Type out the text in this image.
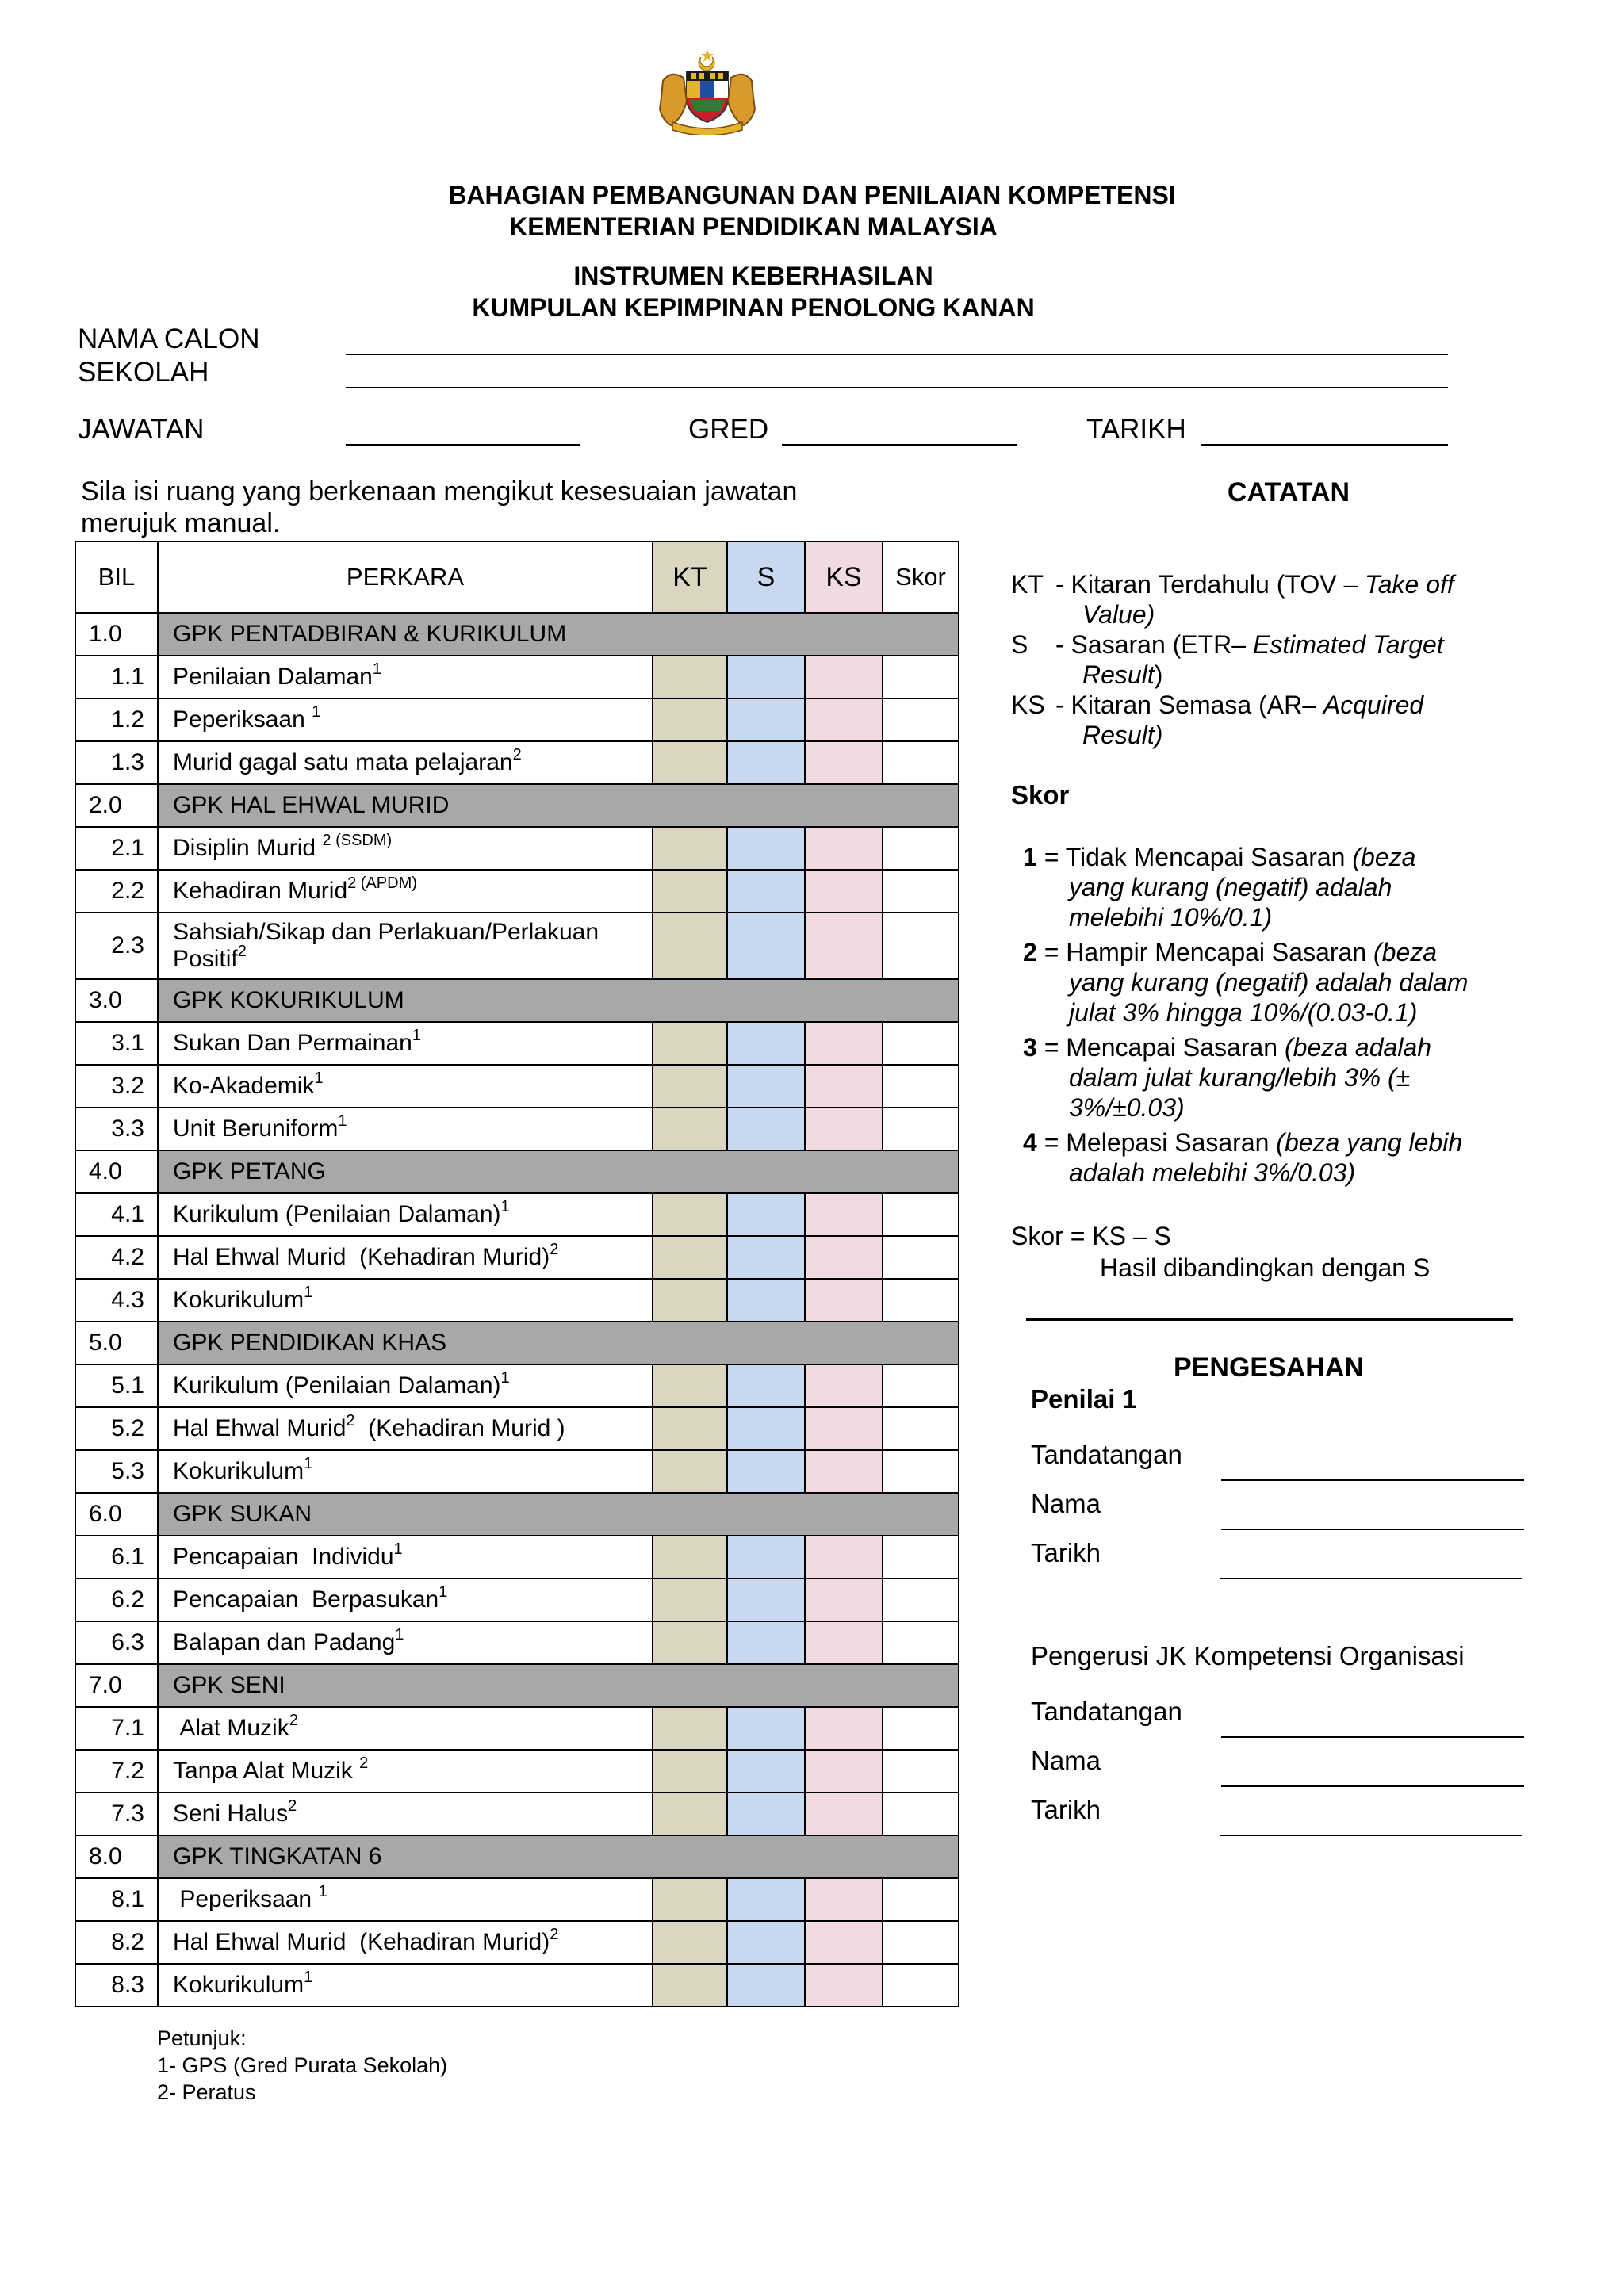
BAHAGIAN PEMBANGUNAN DAN PENILAIAN KOMPETENSI
KEMENTERIAN PENDIDIKAN MALAYSIA
INSTRUMEN KEBERHASILAN
KUMPULAN KEPIMPINAN PENOLONG KANAN
NAMA CALON
SEKOLAH
JAWATAN	GRED	TARIKH
Sila isi ruang yang berkenaan mengikut kesesuaian jawatan merujuk manual.
BIL	PERKARA	KT	S	KS	Skor
1.0	GPK PENTADBIRAN & KURIKULUM				
1.1	Penilaian Dalaman$^1$				
1.2	Peperiksaan $^1$				
1.3	Murid gagal satu mata pelajaran$^2$				
2.0	GPK HAL EHWAL MURID				
2.1	Disiplin Murid $^{2 (SSDM)}$				
2.2	Kehadiran Murid$^{2 (APDM)}$				
2.3	Sahsiah/Sikap dan Perlakuan/Perlakuan Positif$^2$				
3.0	GPK KOKURIKULUM				
3.1	Sukan Dan Permainan$^1$				
3.2	Ko-Akademik$^1$				
3.3	Unit Beruniform$^1$				
4.0	GPK PETANG				
4.1	Kurikulum (Penilaian Dalaman)$^1$				
4.2	Hal Ehwal Murid  (Kehadiran Murid)$^2$				
4.3	Kokurikulum$^1$				
5.0	GPK PENDIDIKAN KHAS				
5.1	Kurikulum (Penilaian Dalaman)$^1$				
5.2	Hal Ehwal Murid$^2$  (Kehadiran Murid )				
5.3	Kokurikulum$^1$				
6.0	GPK SUKAN				
6.1	Pencapaian  Individu$^1$				
6.2	Pencapaian  Berpasukan$^1$				
6.3	Balapan dan Padang$^1$				
7.0	GPK SENI				
7.1	Alat Muzik$^2$				
7.2	Tanpa Alat Muzik $^2$				
7.3	Seni Halus$^2$				
8.0	GPK TINGKATAN 6				
8.1	Peperiksaan $^1$				
8.2	Hal Ehwal Murid  (Kehadiran Murid)$^2$				
8.3	Kokurikulum$^1$				
Petunjuk:
1- GPS (Gred Purata Sekolah)
2- Peratus
CATATAN
KT - Kitaran Terdahulu (TOV – Take off
Value)
S - Sasaran (ETR– Estimated Target
Result)
KS - Kitaran Semasa (AR– Acquired
Result)
Skor
1 = Tidak Mencapai Sasaran (beza
yang kurang (negatif) adalah
melebihi 10%/0.1)
2 = Hampir Mencapai Sasaran (beza
yang kurang (negatif) adalah dalam
julat 3% hingga 10%/(0.03-0.1)
3 = Mencapai Sasaran (beza adalah
dalam julat kurang/lebih 3% (±
3%/±0.03)
4 = Melepasi Sasaran (beza yang lebih
adalah melebihi 3%/0.03)
Skor = KS – S
Hasil dibandingkan dengan S
PENGESAHAN
Penilai 1
Tandatangan
Nama
Tarikh
Pengerusi JK Kompetensi Organisasi
Tandatangan
Nama
Tarikh
